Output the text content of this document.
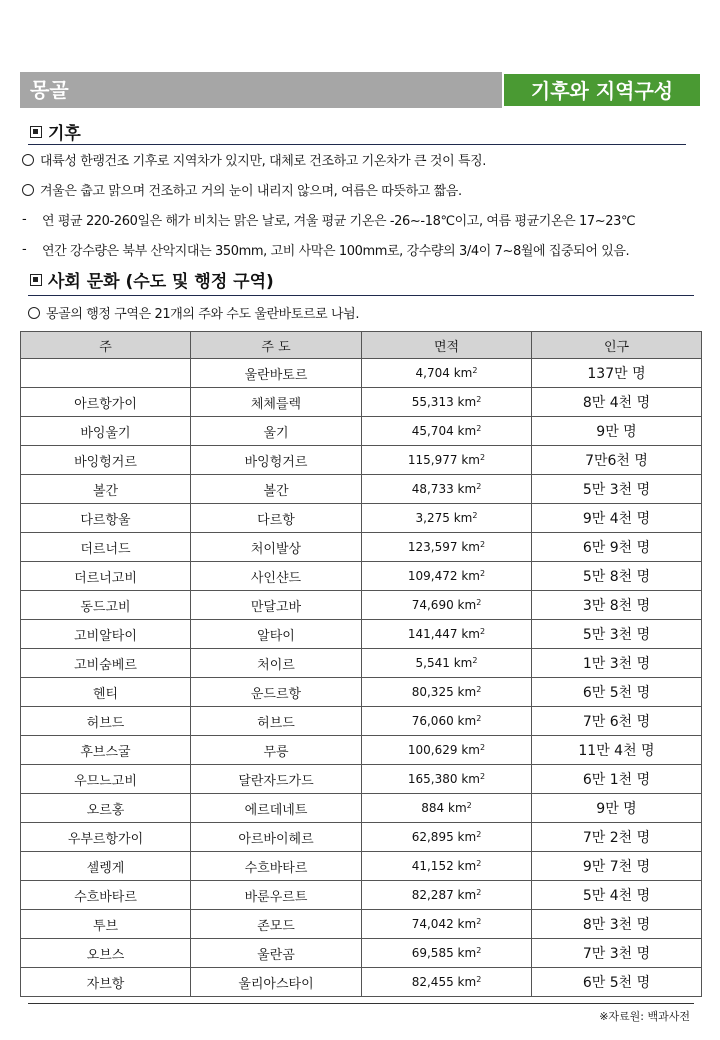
몽골	기후와 지역구성
기후
대륙성 한랭건조 기후로 지역차가 있지만, 대체로 건조하고 기온차가 큰 것이 특징.
겨울은 춥고 맑으며 건조하고 거의 눈이 내리지 않으며, 여름은 따뜻하고 짧음.
-	연 평균 220-260일은 해가 비치는 맑은 날로, 겨울 평균 기온은 -26~-18℃이고, 여름 평균기온은 17~23℃
-	연간 강수량은 북부 산악지대는 350mm, 고비 사막은 100mm로, 강수량의 3/4이 7~8월에 집중되어 있음.
사회 문화 (수도 및 행정 구역)
몽골의 행정 구역은 21개의 주와 수도 울란바토르로 나뉨.
주	주 도	면적	인구
	울란바토르	4,704 $km^2$	137만 명
아르항가이	체체를렉	55,313 $km^2$	8만 4천 명
바잉울기	울기	45,704 $km^2$	9만 명
바잉헝거르	바잉헝거르	115,977 $km^2$	7만6천 명
볼간	볼간	48,733 $km^2$	5만 3천 명
다르항울	다르항	3,275 $km^2$	9만 4천 명
더르너드	처이발상	123,597 $km^2$	6만 9천 명
더르너고비	사인샨드	109,472 $km^2$	5만 8천 명
동드고비	만달고바	74,690 $km^2$	3만 8천 명
고비알타이	알타이	141,447 $km^2$	5만 3천 명
고비숨베르	처이르	5,541 $km^2$	1만 3천 명
헨티	운드르항	80,325 $km^2$	6만 5천 명
허브드	허브드	76,060 $km^2$	7만 6천 명
후브스굴	무릉	100,629 $km^2$	11만 4천 명
우므느고비	달란자드가드	165,380 $km^2$	6만 1천 명
오르홍	에르데네트	884 $km^2$	9만 명
우부르항가이	아르바이헤르	62,895 $km^2$	7만 2천 명
셀렝게	수흐바타르	41,152 $km^2$	9만 7천 명
수흐바타르	바룬우르트	82,287 $km^2$	5만 4천 명
투브	존모드	74,042 $km^2$	8만 3천 명
오브스	울란곰	69,585 $km^2$	7만 3천 명
자브항	울리아스타이	82,455 $km^2$	6만 5천 명
※자료원: 백과사전
